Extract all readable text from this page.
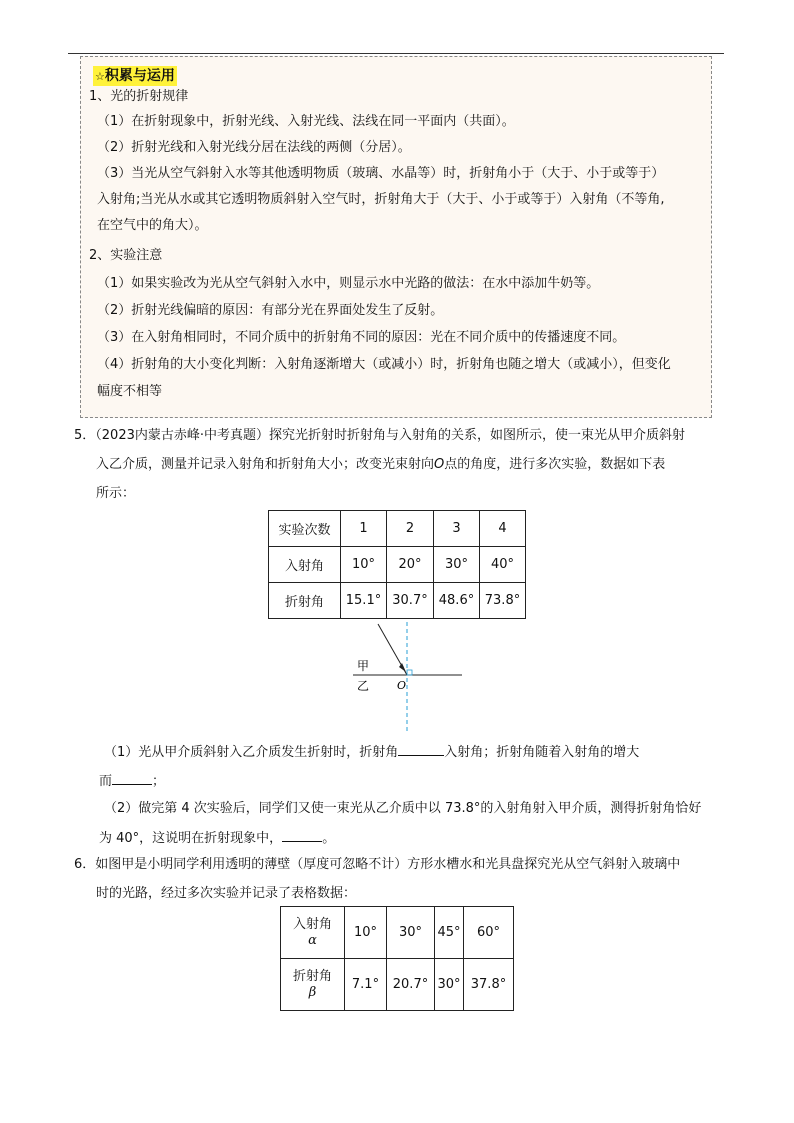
☆积累与运用
1、光的折射规律
（1）在折射现象中，折射光线、入射光线、法线在同一平面内（共面）。
（2）折射光线和入射光线分居在法线的两侧（分居）。
（3）当光从空气斜射入水等其他透明物质（玻璃、水晶等）时，折射角小于（大于、小于或等于）
入射角;当光从水或其它透明物质斜射入空气时，折射角大于（大于、小于或等于）入射角（不等角,
在空气中的角大）。
2、实验注意
（1）如果实验改为光从空气斜射入水中，则显示水中光路的做法：在水中添加牛奶等。
（2）折射光线偏暗的原因：有部分光在界面处发生了反射。
（3）在入射角相同时，不同介质中的折射角不同的原因：光在不同介质中的传播速度不同。
（4）折射角的大小变化判断：入射角逐渐增大（或减小）时，折射角也随之增大（或减小），但变化
幅度不相等
5．（2023内蒙古赤峰·中考真题）探究光折射时折射角与入射角的关系，如图所示，使一束光从甲介质斜射
入乙介质，测量并记录入射角和折射角大小；改变光束射向O点的角度，进行多次实验，数据如下表
所示：
实验次数	1	2	3	4
入射角	10°	20°	30°	40°
折射角	15.1°	30.7°	48.6°	73.8°
甲
乙	O
（1）光从甲介质斜射入乙介质发生折射时，折射角	入射角；折射角随着入射角的增大
而	；
（2）做完第 4 次实验后，同学们又使一束光从乙介质中以 73.8°的入射角射入甲介质，测得折射角恰好
为 40°，这说明在折射现象中，	。
6．如图甲是小明同学利用透明的薄壁（厚度可忽略不计）方形水槽水和光具盘探究光从空气斜射入玻璃中
时的光路，经过多次实验并记录了表格数据：
入射角
α	10°	30°	45°	60°
折射角
β	7.1°	20.7°	30°	37.8°
